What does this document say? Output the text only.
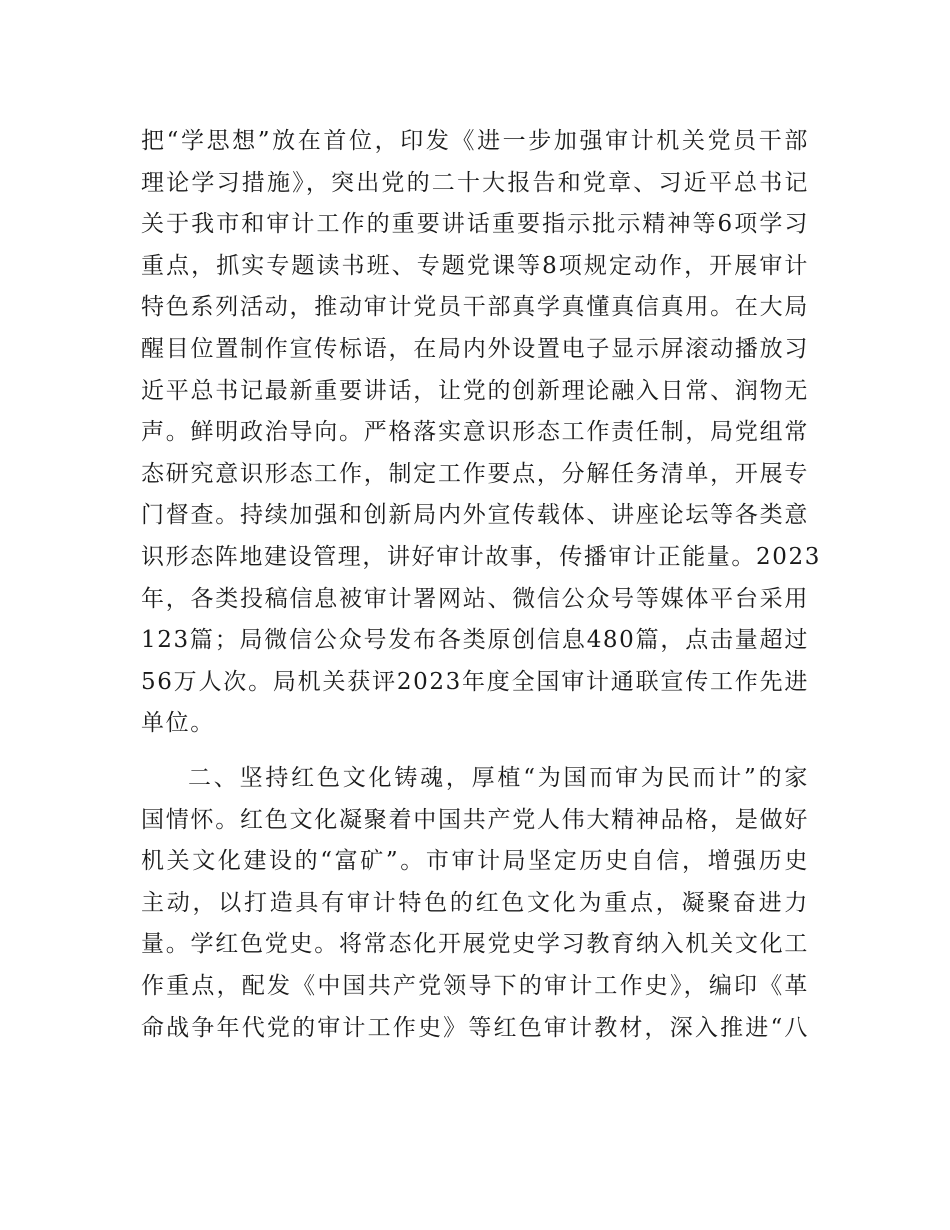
把“学思想”放在首位，印发《进一步加强审计机关党员干部
理论学习措施》，突出党的二十大报告和党章、习近平总书记
关于我市和审计工作的重要讲话重要指示批示精神等6项学习
重点，抓实专题读书班、专题党课等8项规定动作，开展审计
特色系列活动，推动审计党员干部真学真懂真信真用。在大局
醒目位置制作宣传标语，在局内外设置电子显示屏滚动播放习
近平总书记最新重要讲话，让党的创新理论融入日常、润物无
声。鲜明政治导向。严格落实意识形态工作责任制，局党组常
态研究意识形态工作，制定工作要点，分解任务清单，开展专
门督查。持续加强和创新局内外宣传载体、讲座论坛等各类意
识形态阵地建设管理，讲好审计故事，传播审计正能量。2023
年，各类投稿信息被审计署网站、微信公众号等媒体平台采用
123篇；局微信公众号发布各类原创信息480篇，点击量超过
56万人次。局机关获评2023年度全国审计通联宣传工作先进
单位。
二、坚持红色文化铸魂，厚植“为国而审为民而计”的家
国情怀。红色文化凝聚着中国共产党人伟大精神品格，是做好
机关文化建设的“富矿”。市审计局坚定历史自信，增强历史
主动，以打造具有审计特色的红色文化为重点，凝聚奋进力
量。学红色党史。将常态化开展党史学习教育纳入机关文化工
作重点，配发《中国共产党领导下的审计工作史》，编印《革
命战争年代党的审计工作史》等红色审计教材，深入推进“八
